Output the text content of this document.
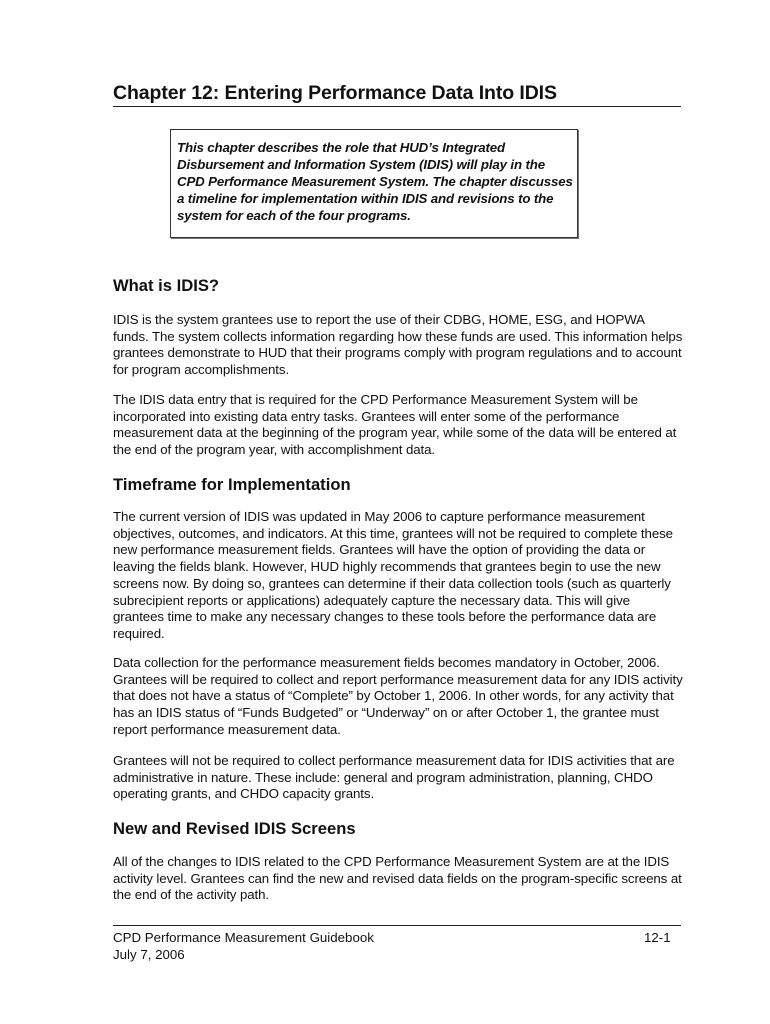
Chapter 12: Entering Performance Data Into IDIS
This chapter describes the role that HUD’s Integrated Disbursement and Information System (IDIS) will play in the CPD Performance Measurement System. The chapter discusses a timeline for implementation within IDIS and revisions to the system for each of the four programs.
What is IDIS?
IDIS is the system grantees use to report the use of their CDBG, HOME, ESG, and HOPWA funds. The system collects information regarding how these funds are used. This information helps grantees demonstrate to HUD that their programs comply with program regulations and to account for program accomplishments.
The IDIS data entry that is required for the CPD Performance Measurement System will be incorporated into existing data entry tasks. Grantees will enter some of the performance measurement data at the beginning of the program year, while some of the data will be entered at the end of the program year, with accomplishment data.
Timeframe for Implementation
The current version of IDIS was updated in May 2006 to capture performance measurement objectives, outcomes, and indicators. At this time, grantees will not be required to complete these new performance measurement fields. Grantees will have the option of providing the data or leaving the fields blank. However, HUD highly recommends that grantees begin to use the new screens now. By doing so, grantees can determine if their data collection tools (such as quarterly subrecipient reports or applications) adequately capture the necessary data. This will give grantees time to make any necessary changes to these tools before the performance data are required.
Data collection for the performance measurement fields becomes mandatory in October, 2006. Grantees will be required to collect and report performance measurement data for any IDIS activity that does not have a status of “Complete” by October 1, 2006. In other words, for any activity that has an IDIS status of “Funds Budgeted” or “Underway” on or after October 1, the grantee must report performance measurement data.
Grantees will not be required to collect performance measurement data for IDIS activities that are administrative in nature. These include: general and program administration, planning, CHDO operating grants, and CHDO capacity grants.
New and Revised IDIS Screens
All of the changes to IDIS related to the CPD Performance Measurement System are at the IDIS activity level. Grantees can find the new and revised data fields on the program-specific screens at the end of the activity path.
CPD Performance Measurement Guidebook
July 7, 2006
12-1
